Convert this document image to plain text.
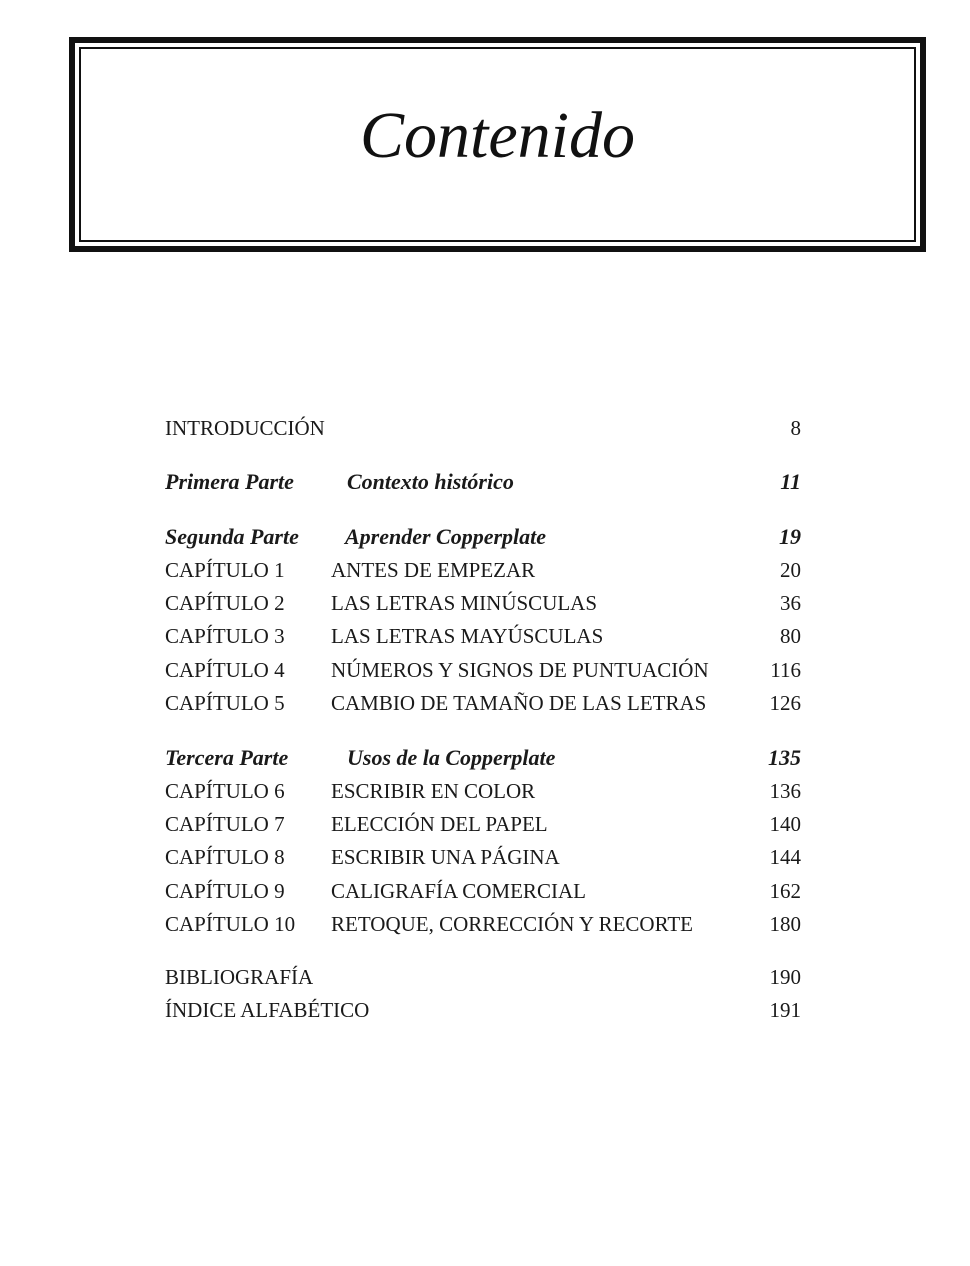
Contenido
INTRODUCCIÓN	8
Primera Parte Contexto histórico	11
Segunda Parte Aprender Copperplate	19
CAPÍTULO 1 ANTES DE EMPEZAR	20
CAPÍTULO 2 LAS LETRAS MINÚSCULAS	36
CAPÍTULO 3 LAS LETRAS MAYÚSCULAS	80
CAPÍTULO 4 NÚMEROS Y SIGNOS DE PUNTUACIÓN	116
CAPÍTULO 5 CAMBIO DE TAMAÑO DE LAS LETRAS	126
Tercera Parte	Usos de la Copperplate	135
CAPÍTULO 6 ESCRIBIR EN COLOR	136
CAPÍTULO 7 ELECCIÓN DEL PAPEL	140
CAPÍTULO 8 ESCRIBIR UNA PÁGINA	144
CAPÍTULO 9 CALIGRAFÍA COMERCIAL	162
CAPÍTULO 10 RETOQUE, CORRECCIÓN Y RECORTE	180
BIBLIOGRAFÍA	190
ÍNDICE ALFABÉTICO	191
